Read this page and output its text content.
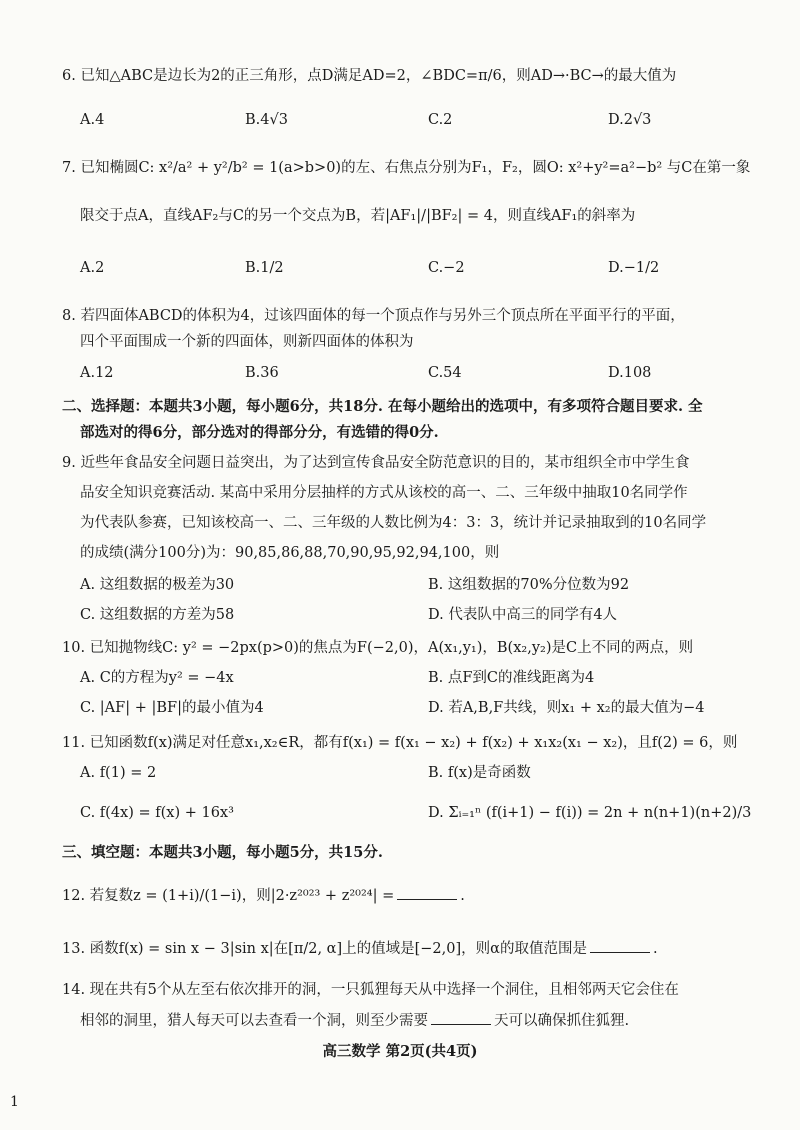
6. 已知△ABC是边长为2的正三角形，点D满足AD=2，∠BDC=π/6，则AD→·BC→的最大值为
A.4	B.4√3	C.2	D.2√3
7. 已知椭圆C: x²/a² + y²/b² = 1(a>b>0)的左、右焦点分别为F₁，F₂，圆O: x²+y²=a²−b² 与C在第一象
限交于点A，直线AF₂与C的另一个交点为B，若|AF₁|/|BF₂| = 4，则直线AF₁的斜率为
A.2	B.1/2	C.−2	D.−1/2
8. 若四面体ABCD的体积为4，过该四面体的每一个顶点作与另外三个顶点所在平面平行的平面，
四个平面围成一个新的四面体，则新四面体的体积为
A.12	B.36	C.54	D.108
二、选择题：本题共3小题，每小题6分，共18分. 在每小题给出的选项中，有多项符合题目要求. 全
部选对的得6分，部分选对的得部分分，有选错的得0分.
9. 近些年食品安全问题日益突出，为了达到宣传食品安全防范意识的目的，某市组织全市中学生食
品安全知识竞赛活动. 某高中采用分层抽样的方式从该校的高一、二、三年级中抽取10名同学作
为代表队参赛，已知该校高一、二、三年级的人数比例为4：3：3，统计并记录抽取到的10名同学
的成绩(满分100分)为：90,85,86,88,70,90,95,92,94,100，则
A. 这组数据的极差为30	B. 这组数据的70%分位数为92
C. 这组数据的方差为58	D. 代表队中高三的同学有4人
10. 已知抛物线C: y² = −2px(p>0)的焦点为F(−2,0)，A(x₁,y₁)，B(x₂,y₂)是C上不同的两点，则
A. C的方程为y² = −4x	B. 点F到C的准线距离为4
C. |AF| + |BF|的最小值为4	D. 若A,B,F共线，则x₁ + x₂的最大值为−4
11. 已知函数f(x)满足对任意x₁,x₂∈R，都有f(x₁) = f(x₁ − x₂) + f(x₂) + x₁x₂(x₁ − x₂)，且f(2) = 6，则
A. f(1) = 2	B. f(x)是奇函数
C. f(4x) = f(x) + 16x³	D. Σᵢ₌₁ⁿ (f(i+1) − f(i)) = 2n + n(n+1)(n+2)/3
三、填空题：本题共3小题，每小题5分，共15分.
12. 若复数z = (1+i)/(1−i)，则|2·z²⁰²³ + z²⁰²⁴| =	.
13. 函数f(x) = sin x − 3|sin x|在[π/2, α]上的值域是[−2,0]，则α的取值范围是	.
14. 现在共有5个从左至右依次排开的洞，一只狐狸每天从中选择一个洞住，且相邻两天它会住在
相邻的洞里，猎人每天可以去查看一个洞，则至少需要	天可以确保抓住狐狸.
高三数学 第2页(共4页)
1
